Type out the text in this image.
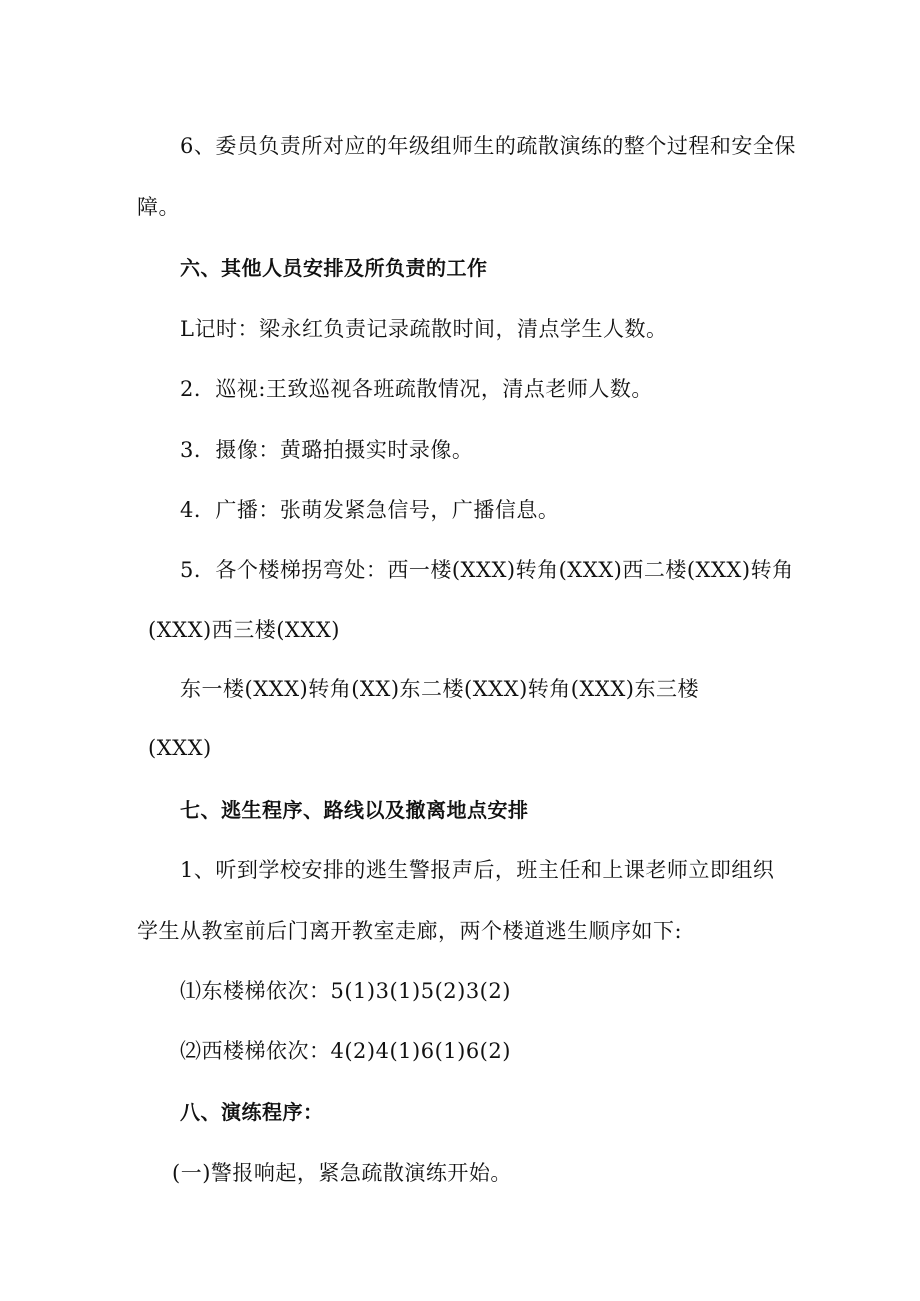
6、委员负责所对应的年级组师生的疏散演练的整个过程和安全保
障。
六、其他人员安排及所负责的工作
L记时：梁永红负责记录疏散时间，清点学生人数。
2．巡视:王致巡视各班疏散情况，清点老师人数。
3．摄像：黄璐拍摄实时录像。
4．广播：张萌发紧急信号，广播信息。
5．各个楼梯拐弯处：西一楼(XXX)转角(XXX)西二楼(XXX)转角
(XXX)西三楼(XXX)
东一楼(XXX)转角(XX)东二楼(XXX)转角(XXX)东三楼
(XXX)
七、逃生程序、路线以及撤离地点安排
1、听到学校安排的逃生警报声后，班主任和上课老师立即组织
学生从教室前后门离开教室走廊，两个楼道逃生顺序如下:
⑴东楼梯依次：5(1)3(1)5(2)3(2)
⑵西楼梯依次：4(2)4(1)6(1)6(2)
八、演练程序：
(一)警报响起，紧急疏散演练开始。
